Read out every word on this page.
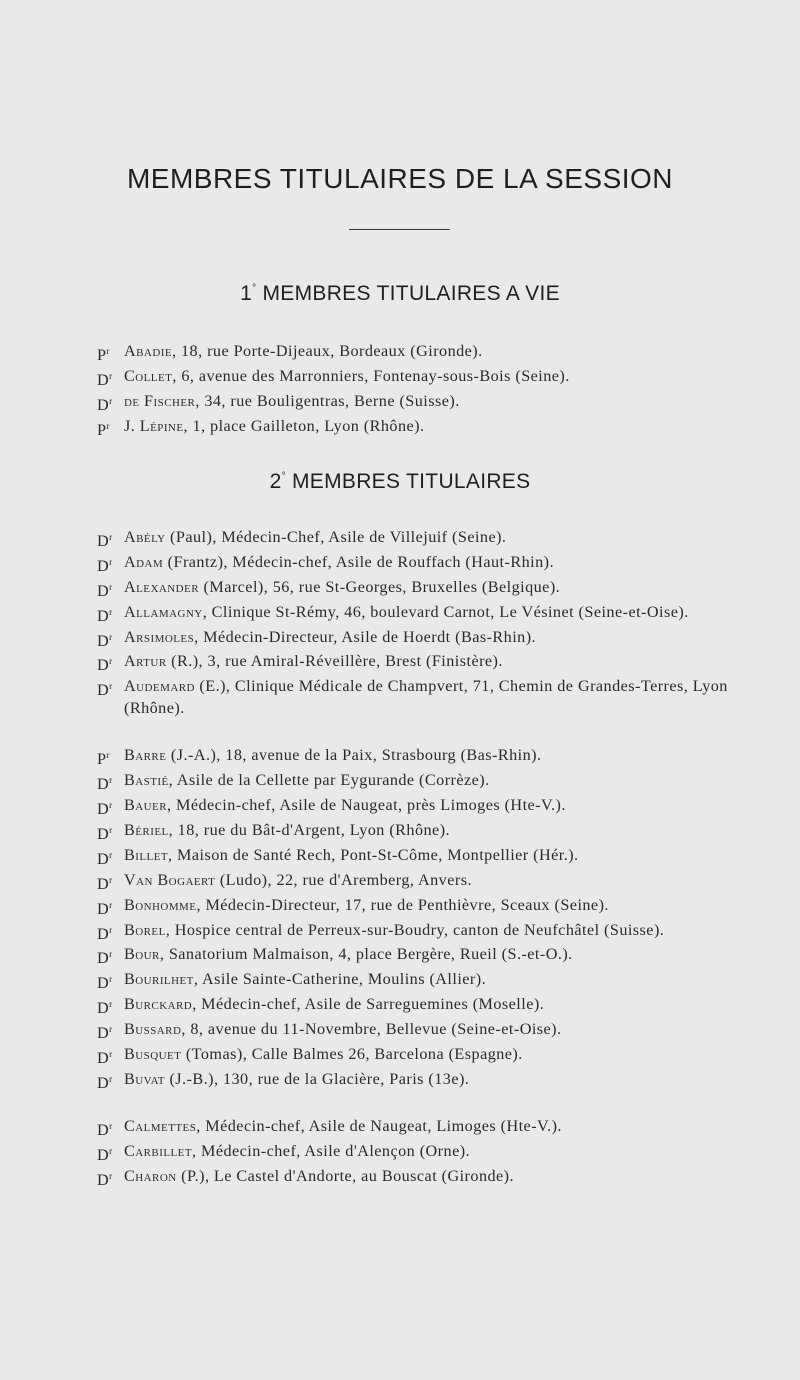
MEMBRES TITULAIRES DE LA SESSION
1° MEMBRES TITULAIRES A VIE
$P^r$ Abadie, 18, rue Porte-Dijeaux, Bordeaux (Gironde).
$D^r$ Collet, 6, avenue des Marronniers, Fontenay-sous-Bois (Seine).
$D^r$ de Fischer, 34, rue Bouligentras, Berne (Suisse).
$P^r$ J. Lépine, 1, place Gailleton, Lyon (Rhône).
2° MEMBRES TITULAIRES
$D^r$ Abély (Paul), Médecin-Chef, Asile de Villejuif (Seine).
$D^r$ Adam (Frantz), Médecin-chef, Asile de Rouffach (Haut-Rhin).
$D^r$ Alexander (Marcel), 56, rue St-Georges, Bruxelles (Belgique).
$D^r$ Allamagny, Clinique St-Rémy, 46, boulevard Carnot, Le Vésinet (Seine-et-Oise).
$D^r$ Arsimoles, Médecin-Directeur, Asile de Hoerdt (Bas-Rhin).
$D^r$ Artur (R.), 3, rue Amiral-Réveillère, Brest (Finistère).
$D^r$ Audemard (E.), Clinique Médicale de Champvert, 71, Chemin de Grandes-Terres, Lyon (Rhône).
$P^r$ Barre (J.-A.), 18, avenue de la Paix, Strasbourg (Bas-Rhin).
$D^r$ Bastié, Asile de la Cellette par Eygurande (Corrèze).
$D^r$ Bauer, Médecin-chef, Asile de Naugeat, près Limoges (Hte-V.).
$D^r$ Bériel, 18, rue du Bât-d'Argent, Lyon (Rhône).
$D^r$ Billet, Maison de Santé Rech, Pont-St-Côme, Montpellier (Hér.).
$D^r$ Van Bogaert (Ludo), 22, rue d'Aremberg, Anvers.
$D^r$ Bonhomme, Médecin-Directeur, 17, rue de Penthièvre, Sceaux (Seine).
$D^r$ Borel, Hospice central de Perreux-sur-Boudry, canton de Neufchâtel (Suisse).
$D^r$ Bour, Sanatorium Malmaison, 4, place Bergère, Rueil (S.-et-O.).
$D^r$ Bourilhet, Asile Sainte-Catherine, Moulins (Allier).
$D^r$ Burckard, Médecin-chef, Asile de Sarreguemines (Moselle).
$D^r$ Bussard, 8, avenue du 11-Novembre, Bellevue (Seine-et-Oise).
$D^r$ Busquet (Tomas), Calle Balmes 26, Barcelona (Espagne).
$D^r$ Buvat (J.-B.), 130, rue de la Glacière, Paris (13e).
$D^r$ Calmettes, Médecin-chef, Asile de Naugeat, Limoges (Hte-V.).
$D^r$ Carbillet, Médecin-chef, Asile d'Alençon (Orne).
$D^r$ Charon (P.), Le Castel d'Andorte, au Bouscat (Gironde).
